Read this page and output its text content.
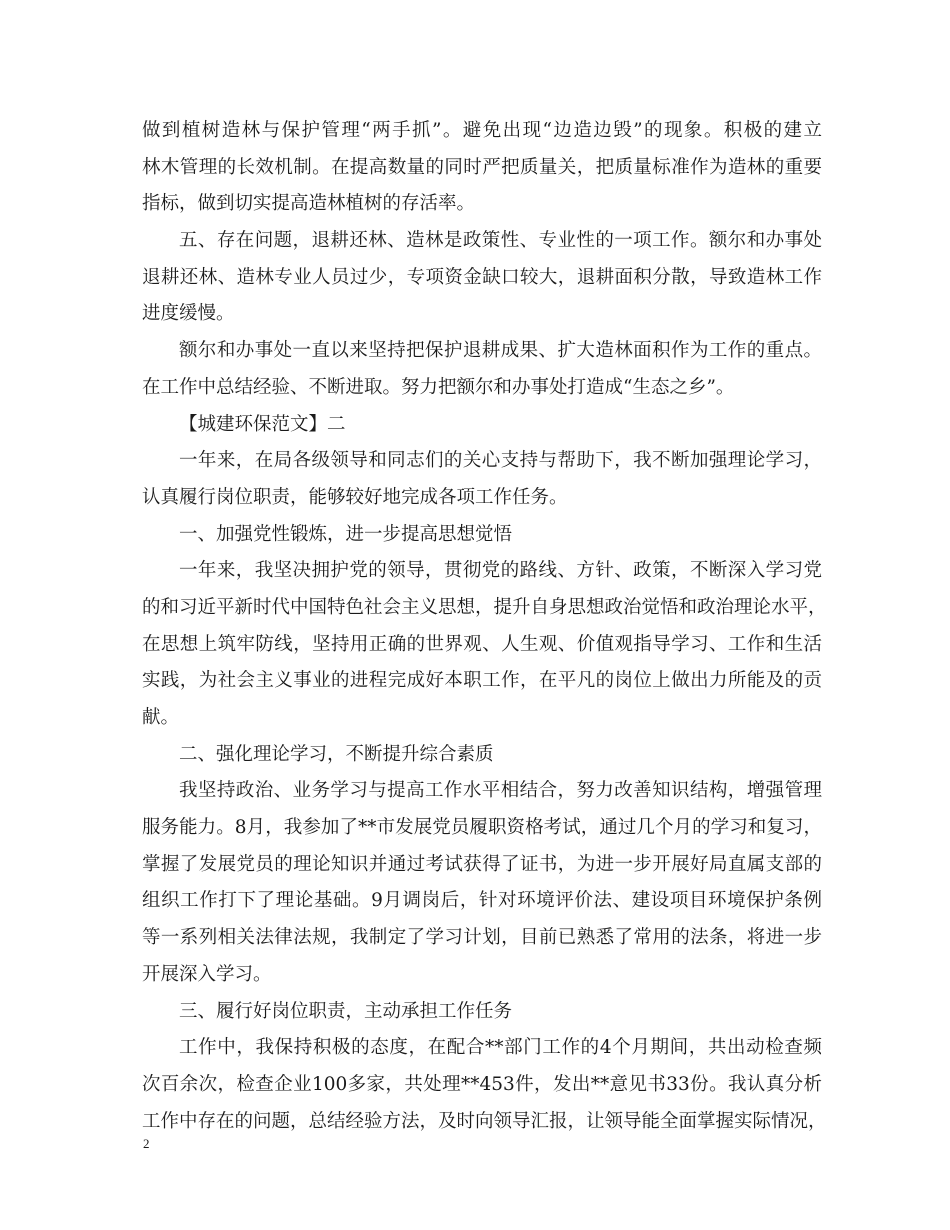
做到植树造林与保护管理“两手抓”。避免出现“边造边毁”的现象。积极的建立
林木管理的长效机制。在提高数量的同时严把质量关，把质量标准作为造林的重要
指标，做到切实提高造林植树的存活率。
五、存在问题，退耕还林、造林是政策性、专业性的一项工作。额尔和办事处
退耕还林、造林专业人员过少，专项资金缺口较大，退耕面积分散，导致造林工作
进度缓慢。
额尔和办事处一直以来坚持把保护退耕成果、扩大造林面积作为工作的重点。
在工作中总结经验、不断进取。努力把额尔和办事处打造成“生态之乡”。
【城建环保范文】二
一年来，在局各级领导和同志们的关心支持与帮助下，我不断加强理论学习，
认真履行岗位职责，能够较好地完成各项工作任务。
一、加强党性锻炼，进一步提高思想觉悟
一年来，我坚决拥护党的领导，贯彻党的路线、方针、政策，不断深入学习党
的和习近平新时代中国特色社会主义思想，提升自身思想政治觉悟和政治理论水平，
在思想上筑牢防线，坚持用正确的世界观、人生观、价值观指导学习、工作和生活
实践，为社会主义事业的进程完成好本职工作，在平凡的岗位上做出力所能及的贡
献。
二、强化理论学习，不断提升综合素质
我坚持政治、业务学习与提高工作水平相结合，努力改善知识结构，增强管理
服务能力。8月，我参加了**市发展党员履职资格考试，通过几个月的学习和复习，
掌握了发展党员的理论知识并通过考试获得了证书，为进一步开展好局直属支部的
组织工作打下了理论基础。9月调岗后，针对环境评价法、建设项目环境保护条例
等一系列相关法律法规，我制定了学习计划，目前已熟悉了常用的法条，将进一步
开展深入学习。
三、履行好岗位职责，主动承担工作任务
工作中，我保持积极的态度，在配合**部门工作的4个月期间，共出动检查频
次百余次，检查企业100多家，共处理**453件，发出**意见书33份。我认真分析
工作中存在的问题，总结经验方法，及时向领导汇报，让领导能全面掌握实际情况，
2
